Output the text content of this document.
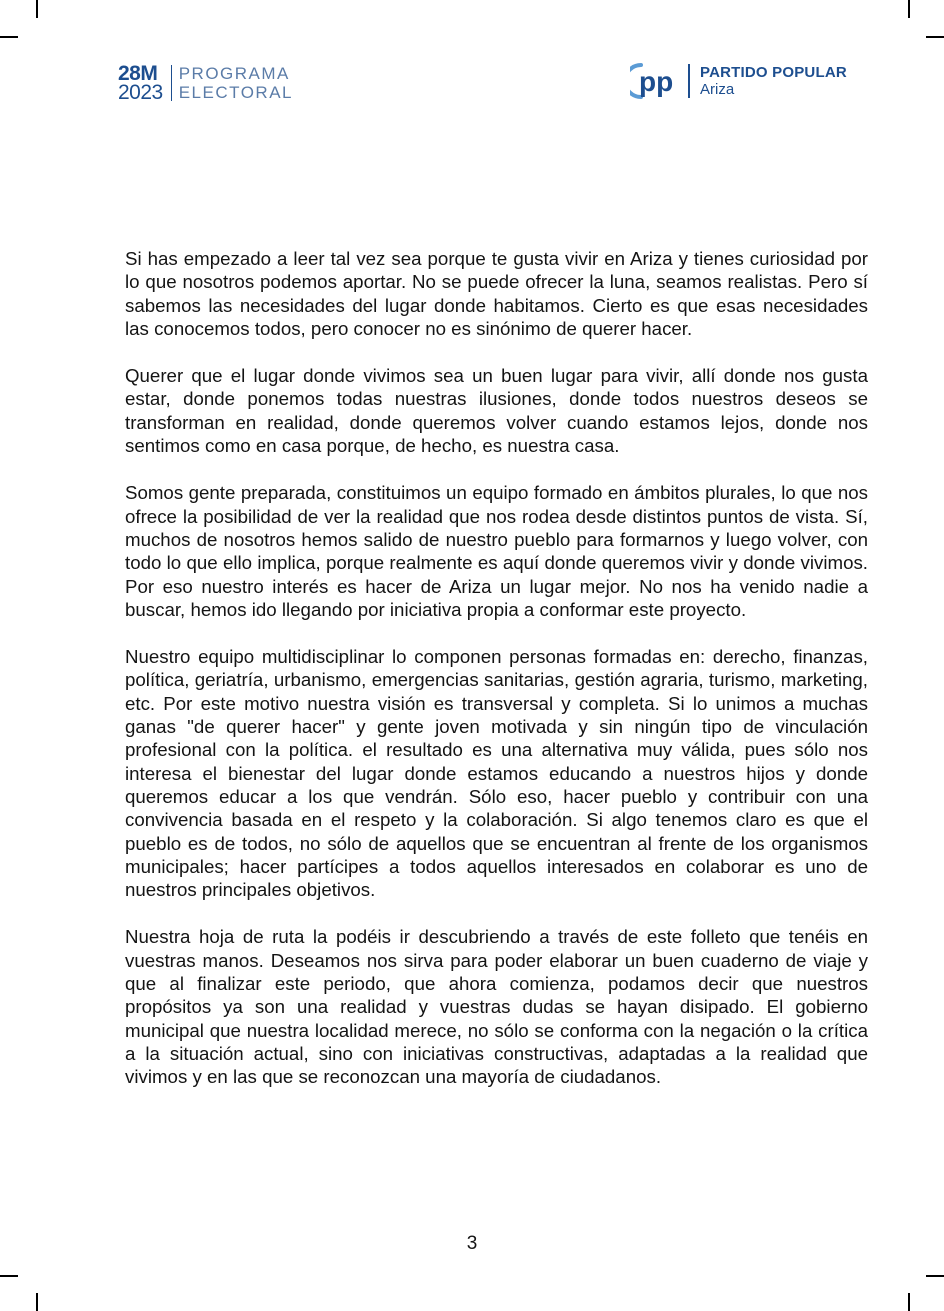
28M
2023
PROGRAMA
ELECTORAL	pp PARTIDO POPULAR
Ariza

Si has empezado a leer tal vez sea porque te gusta vivir en Ariza y tienes curiosidad por lo que nosotros podemos aportar. No se puede ofrecer la luna, seamos realistas. Pero sí sabemos las necesidades del lugar donde habitamos. Cierto es que esas necesidades las conocemos todos, pero conocer no es sinónimo de querer hacer.

Querer que el lugar donde vivimos sea un buen lugar para vivir, allí donde nos gusta estar, donde ponemos todas nuestras ilusiones, donde todos nuestros deseos se transforman en realidad, donde queremos volver cuando estamos lejos, donde nos sentimos como en casa porque, de hecho, es nuestra casa.

Somos gente preparada, constituimos un equipo formado en ámbitos plurales, lo que nos ofrece la posibilidad de ver la realidad que nos rodea desde distintos puntos de vista. Sí, muchos de nosotros hemos salido de nuestro pueblo para formarnos y luego volver, con todo lo que ello implica, porque realmente es aquí donde queremos vivir y donde vivimos. Por eso nuestro interés es hacer de Ariza un lugar mejor. No nos ha venido nadie a buscar, hemos ido llegando por iniciativa propia a conformar este proyecto.

Nuestro equipo multidisciplinar lo componen personas formadas en: derecho, finanzas, política, geriatría, urbanismo, emergencias sanitarias, gestión agraria, turismo, marketing, etc. Por este motivo nuestra visión es transversal y completa. Si lo unimos a muchas ganas "de querer hacer" y gente joven motivada y sin ningún tipo de vinculación profesional con la política. el resultado es una alternativa muy válida, pues sólo nos interesa el bienestar del lugar donde estamos educando a nuestros hijos y donde queremos educar a los que vendrán. Sólo eso, hacer pueblo y contribuir con una convivencia basada en el respeto y la colaboración. Si algo tenemos claro es que el pueblo es de todos, no sólo de aquellos que se encuentran al frente de los organismos municipales; hacer partícipes a todos aquellos interesados en colaborar es uno de nuestros principales objetivos.

Nuestra hoja de ruta la podéis ir descubriendo a través de este folleto que tenéis en vuestras manos. Deseamos nos sirva para poder elaborar un buen cuaderno de viaje y que al finalizar este periodo, que ahora comienza, podamos decir que nuestros propósitos ya son una realidad y vuestras dudas se hayan disipado. El gobierno municipal que nuestra localidad merece, no sólo se conforma con la negación o la crítica a la situación actual, sino con iniciativas constructivas, adaptadas a la realidad que vivimos y en las que se reconozcan una mayoría de ciudadanos.

3
